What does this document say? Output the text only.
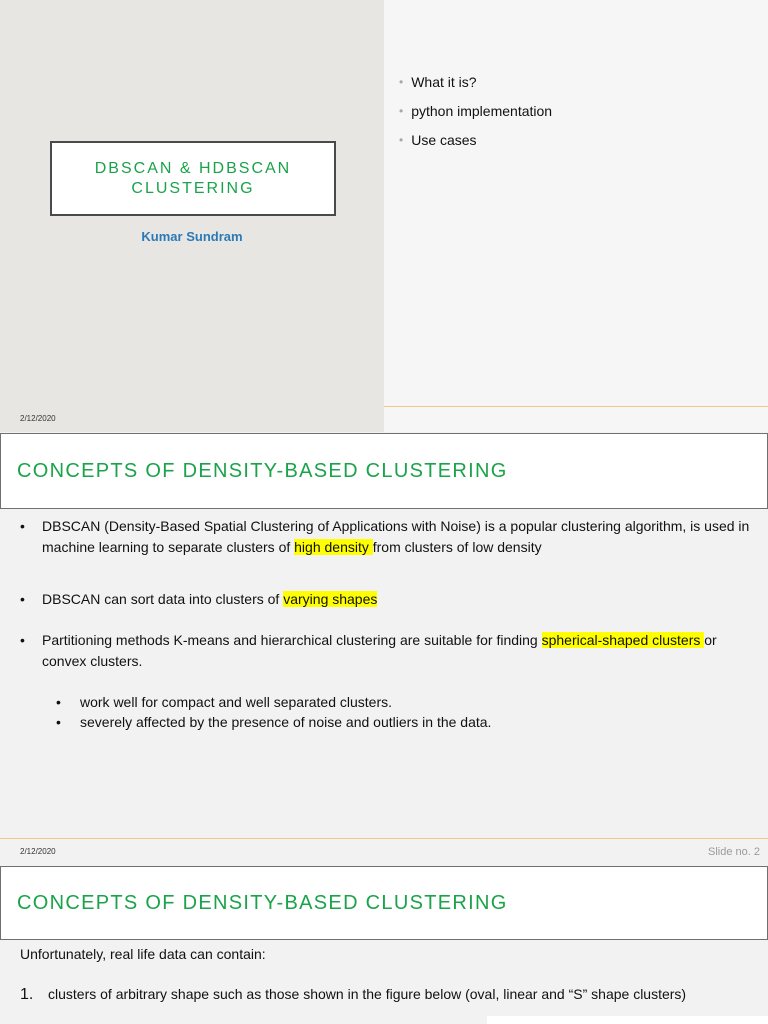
DBSCAN & HDBSCAN
CLUSTERING
Kumar Sundram
2/12/2020
• What it is?
• python implementation
• Use cases
CONCEPTS OF DENSITY-BASED CLUSTERING
• DBSCAN (Density-Based Spatial Clustering of Applications with Noise) is a popular clustering algorithm, is used in machine learning to separate clusters of high density from clusters of low density
• DBSCAN can sort data into clusters of varying shapes
• Partitioning methods K-means and hierarchical clustering are suitable for finding spherical-shaped clusters or convex clusters.
• work well for compact and well separated clusters.
• severely affected by the presence of noise and outliers in the data.
2/12/2020	Slide no. 2
CONCEPTS OF DENSITY-BASED CLUSTERING
Unfortunately, real life data can contain:
1.	clusters of arbitrary shape such as those shown in the figure below (oval, linear and “S” shape clusters)
